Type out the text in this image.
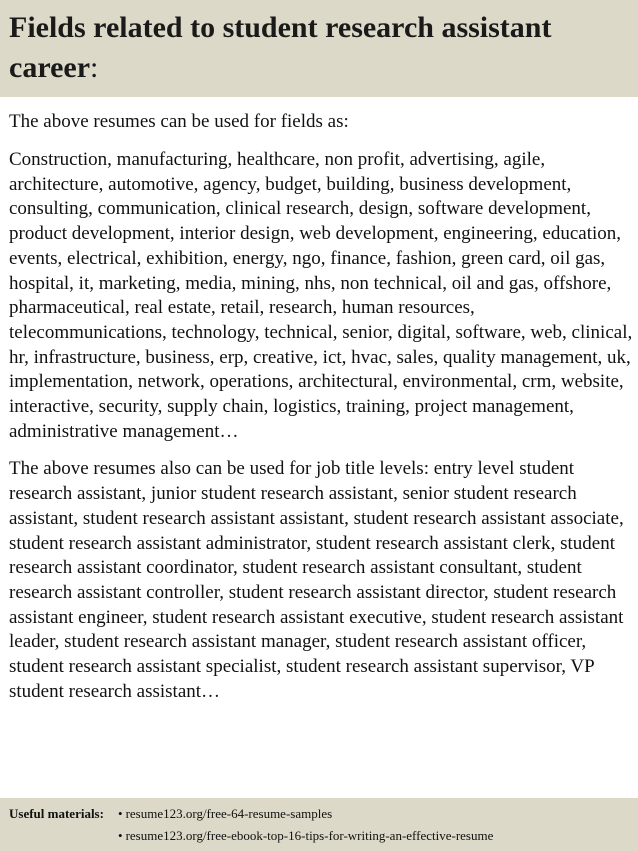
Fields related to student research assistant career:

The above resumes can be used for fields as:

Construction, manufacturing, healthcare, non profit, advertising, agile, architecture, automotive, agency, budget, building, business development, consulting, communication, clinical research, design, software development, product development, interior design, web development, engineering, education, events, electrical, exhibition, energy, ngo, finance, fashion, green card, oil gas, hospital, it, marketing, media, mining, nhs, non technical, oil and gas, offshore, pharmaceutical, real estate, retail, research, human resources, telecommunications, technology, technical, senior, digital, software, web, clinical, hr, infrastructure, business, erp, creative, ict, hvac, sales, quality management, uk, implementation, network, operations, architectural, environmental, crm, website, interactive, security, supply chain, logistics, training, project management, administrative management…

The above resumes also can be used for job title levels: entry level student research assistant, junior student research assistant, senior student research assistant, student research assistant assistant, student research assistant associate, student research assistant administrator, student research assistant clerk, student research assistant coordinator, student research assistant consultant, student research assistant controller, student research assistant director, student research assistant engineer, student research assistant executive, student research assistant leader, student research assistant manager, student research assistant officer, student research assistant specialist, student research assistant supervisor, VP student research assistant…

Useful materials: • resume123.org/free-64-resume-samples
• resume123.org/free-ebook-top-16-tips-for-writing-an-effective-resume
